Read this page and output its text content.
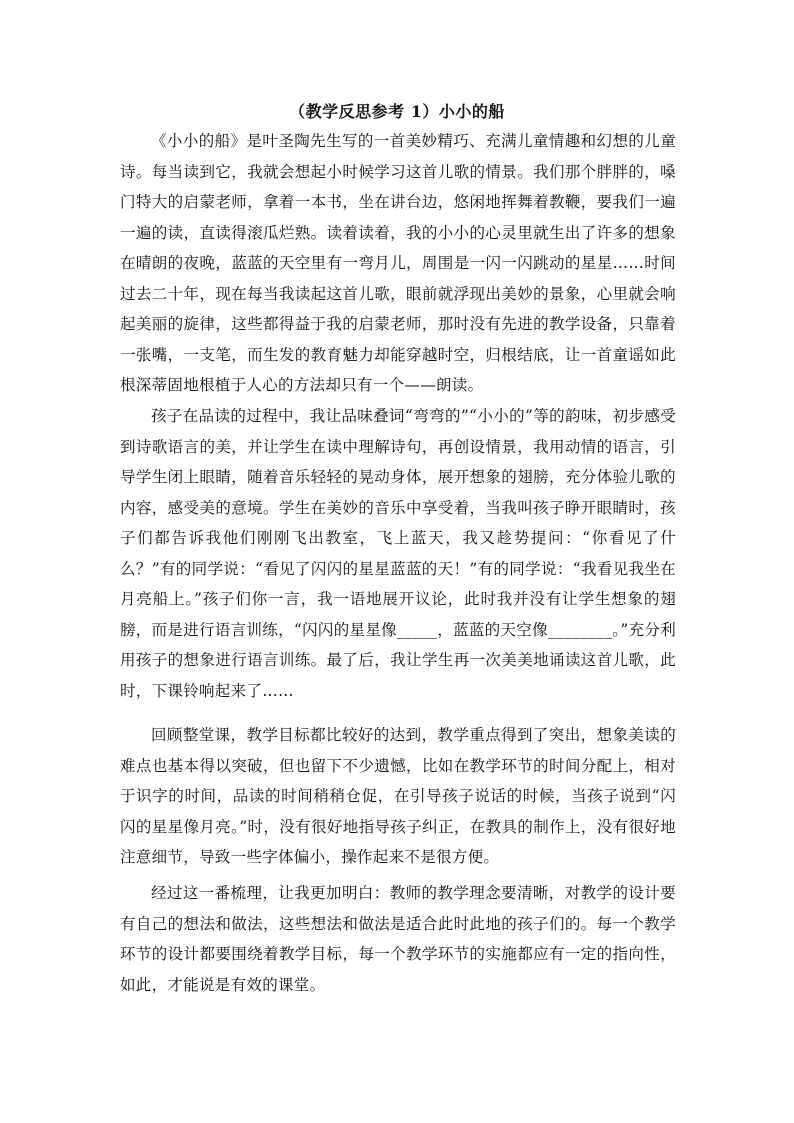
（教学反思参考 1）小小的船

《小小的船》是叶圣陶先生写的一首美妙精巧、充满儿童情趣和幻想的儿童诗。每当读到它，我就会想起小时候学习这首儿歌的情景。我们那个胖胖的，嗓门特大的启蒙老师，拿着一本书，坐在讲台边，悠闲地挥舞着教鞭，要我们一遍一遍的读，直读得滚瓜烂熟。读着读着，我的小小的心灵里就生出了许多的想象在晴朗的夜晚，蓝蓝的天空里有一弯月儿，周围是一闪一闪跳动的星星……时间过去二十年，现在每当我读起这首儿歌，眼前就浮现出美妙的景象，心里就会响起美丽的旋律，这些都得益于我的启蒙老师，那时没有先进的教学设备，只靠着一张嘴，一支笔，而生发的教育魅力却能穿越时空，归根结底，让一首童谣如此根深蒂固地根植于人心的方法却只有一个——朗读。

孩子在品读的过程中，我让品味叠词“弯弯的”“小小的”等的韵味，初步感受到诗歌语言的美，并让学生在读中理解诗句，再创设情景，我用动情的语言，引导学生闭上眼睛，随着音乐轻轻的晃动身体，展开想象的翅膀，充分体验儿歌的内容，感受美的意境。学生在美妙的音乐中享受着，当我叫孩子睁开眼睛时，孩子们都告诉我他们刚刚飞出教室，飞上蓝天，我又趁势提问：“你看见了什么？”有的同学说：“看见了闪闪的星星蓝蓝的天！”有的同学说：“我看见我坐在月亮船上。”孩子们你一言，我一语地展开议论，此时我并没有让学生想象的翅膀，而是进行语言训练，“闪闪的星星像_____，蓝蓝的天空像________。”充分利用孩子的想象进行语言训练。最了后，我让学生再一次美美地诵读这首儿歌，此时，下课铃响起来了……

回顾整堂课，教学目标都比较好的达到，教学重点得到了突出，想象美读的难点也基本得以突破，但也留下不少遗憾，比如在教学环节的时间分配上，相对于识字的时间，品读的时间稍稍仓促，在引导孩子说话的时候，当孩子说到“闪闪的星星像月亮。”时，没有很好地指导孩子纠正，在教具的制作上，没有很好地注意细节，导致一些字体偏小，操作起来不是很方便。

经过这一番梳理，让我更加明白：教师的教学理念要清晰，对教学的设计要有自己的想法和做法，这些想法和做法是适合此时此地的孩子们的。每一个教学环节的设计都要围绕着教学目标，每一个教学环节的实施都应有一定的指向性，如此，才能说是有效的课堂。
